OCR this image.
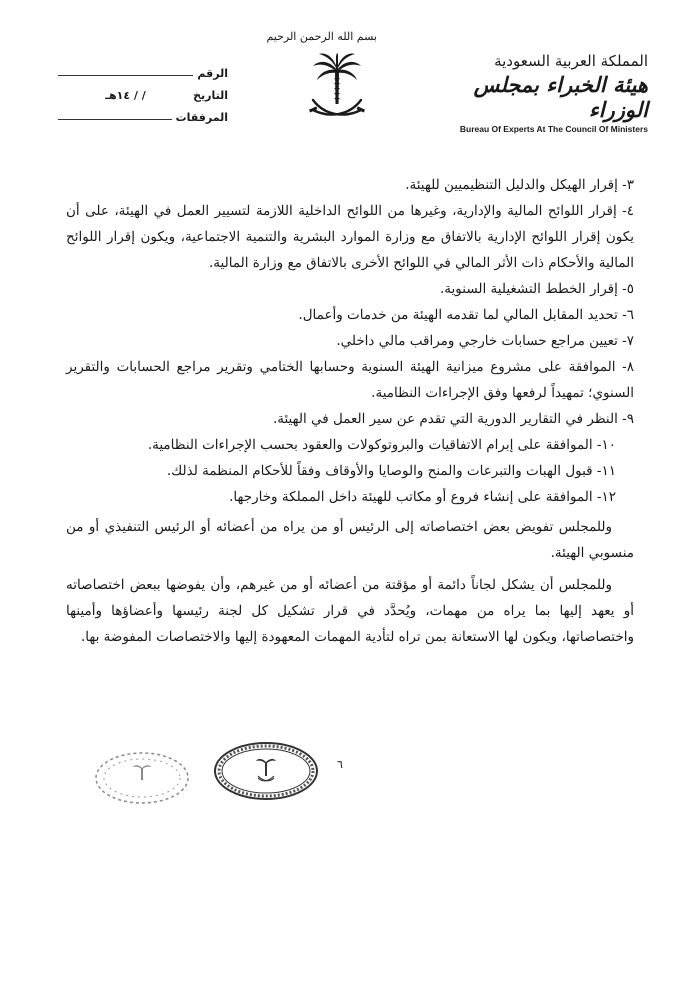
الرقم
/ / ١٤هـ	التاريخ
المرفقات
بسم الله الرحمن الرحيم
المملكة العربية السعودية
هيئة الخبراء بمجلس الوزراء
Bureau Of Experts At The Council Of Ministers

٣- إقرار الهيكل والدليل التنظيميين للهيئة.

٤- إقرار اللوائح المالية والإدارية، وغيرها من اللوائح الداخلية اللازمة لتسيير العمل في الهيئة، على أن يكون إقرار اللوائح الإدارية بالاتفاق مع وزارة الموارد البشرية والتنمية الاجتماعية، ويكون إقرار اللوائح المالية والأحكام ذات الأثر المالي في اللوائح الأخرى بالاتفاق مع وزارة المالية.

٥- إقرار الخطط التشغيلية السنوية.

٦- تحديد المقابل المالي لما تقدمه الهيئة من خدمات وأعمال.

٧- تعيين مراجع حسابات خارجي ومراقب مالي داخلي.

٨- الموافقة على مشروع ميزانية الهيئة السنوية وحسابها الختامي وتقرير مراجع الحسابات والتقرير السنوي؛ تمهيداً لرفعها وفق الإجراءات النظامية.

٩- النظر في التقارير الدورية التي تقدم عن سير العمل في الهيئة.

١٠- الموافقة على إبرام الاتفاقيات والبروتوكولات والعقود بحسب الإجراءات النظامية.

١١- قبول الهبات والتبرعات والمنح والوصايا والأوقاف وفقاً للأحكام المنظمة لذلك.

١٢- الموافقة على إنشاء فروع أو مكاتب للهيئة داخل المملكة وخارجها.

وللمجلس تفويض بعض اختصاصاته إلى الرئيس أو من يراه من أعضائه أو الرئيس التنفيذي أو من منسوبي الهيئة.

وللمجلس أن يشكل لجاناً دائمة أو مؤقتة من أعضائه أو من غيرهم، وأن يفوضها ببعض اختصاصاته أو يعهد إليها بما يراه من مهمات، ويُحدَّد في قرار تشكيل كل لجنة رئيسها وأعضاؤها وأمينها واختصاصاتها، ويكون لها الاستعانة بمن تراه لتأدية المهمات المعهودة إليها والاختصاصات المفوضة بها.

٦
